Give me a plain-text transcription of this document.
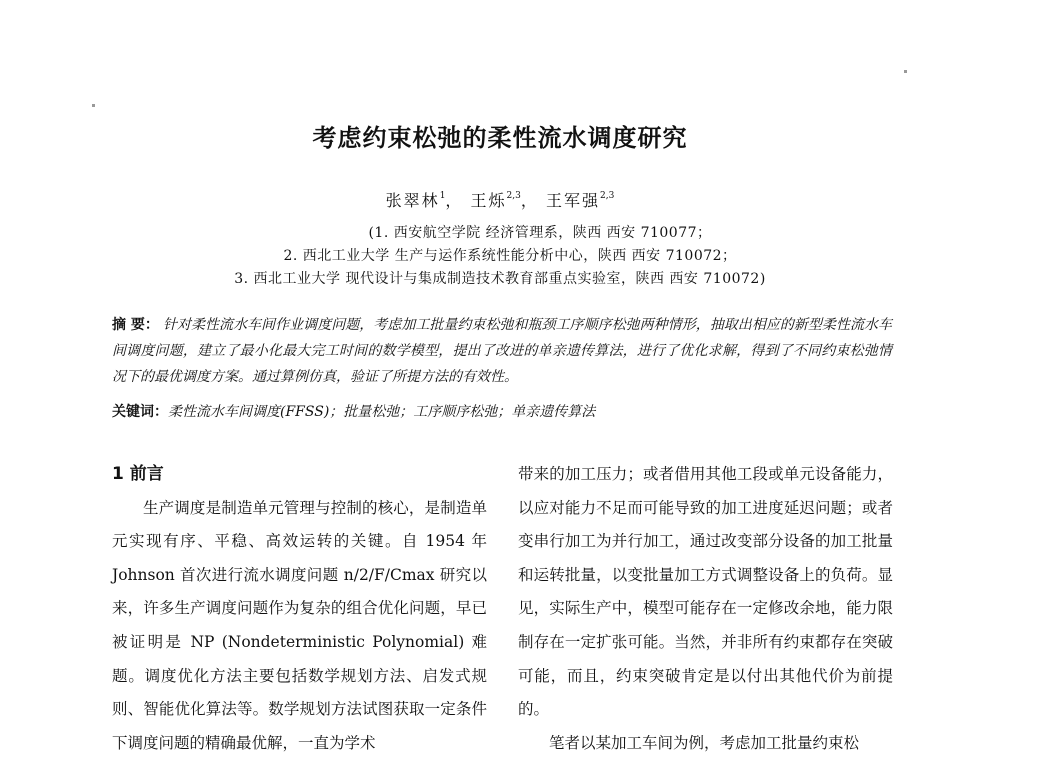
考虑约束松弛的柔性流水调度研究
张翠林$^1$， 王烁$^{2,3}$， 王军强$^{2,3}$
(1. 西安航空学院 经济管理系，陕西 西安 710077；
2. 西北工业大学 生产与运作系统性能分析中心，陕西 西安 710072；
3. 西北工业大学 现代设计与集成制造技术教育部重点实验室，陕西 西安 710072)
摘 要： 针对柔性流水车间作业调度问题，考虑加工批量约束松弛和瓶颈工序顺序松弛两种情形，抽取出相应的新型柔性流水车间调度问题，建立了最小化最大完工时间的数学模型，提出了改进的单亲遗传算法，进行了优化求解，得到了不同约束松弛情况下的最优调度方案。通过算例仿真，验证了所提方法的有效性。
关键词：柔性流水车间调度(FFSS)；批量松弛；工序顺序松弛；单亲遗传算法

1 前言

生产调度是制造单元管理与控制的核心，是制造单元实现有序、平稳、高效运转的关键。自 1954 年 Johnson 首次进行流水调度问题 n/2/F/Cmax 研究以来，许多生产调度问题作为复杂的组合优化问题，早已被证明是 NP (Nondeterministic Polynomial) 难题。调度优化方法主要包括数学规划方法、启发式规则、智能优化算法等。数学规划方法试图获取一定条件下调度问题的精确最优解，一直为学术

带来的加工压力；或者借用其他工段或单元设备能力，以应对能力不足而可能导致的加工进度延迟问题；或者变串行加工为并行加工，通过改变部分设备的加工批量和运转批量，以变批量加工方式调整设备上的负荷。显见，实际生产中，模型可能存在一定修改余地，能力限制存在一定扩张可能。当然，并非所有约束都存在突破可能，而且，约束突破肯定是以付出其他代价为前提的。

笔者以某加工车间为例，考虑加工批量约束松
